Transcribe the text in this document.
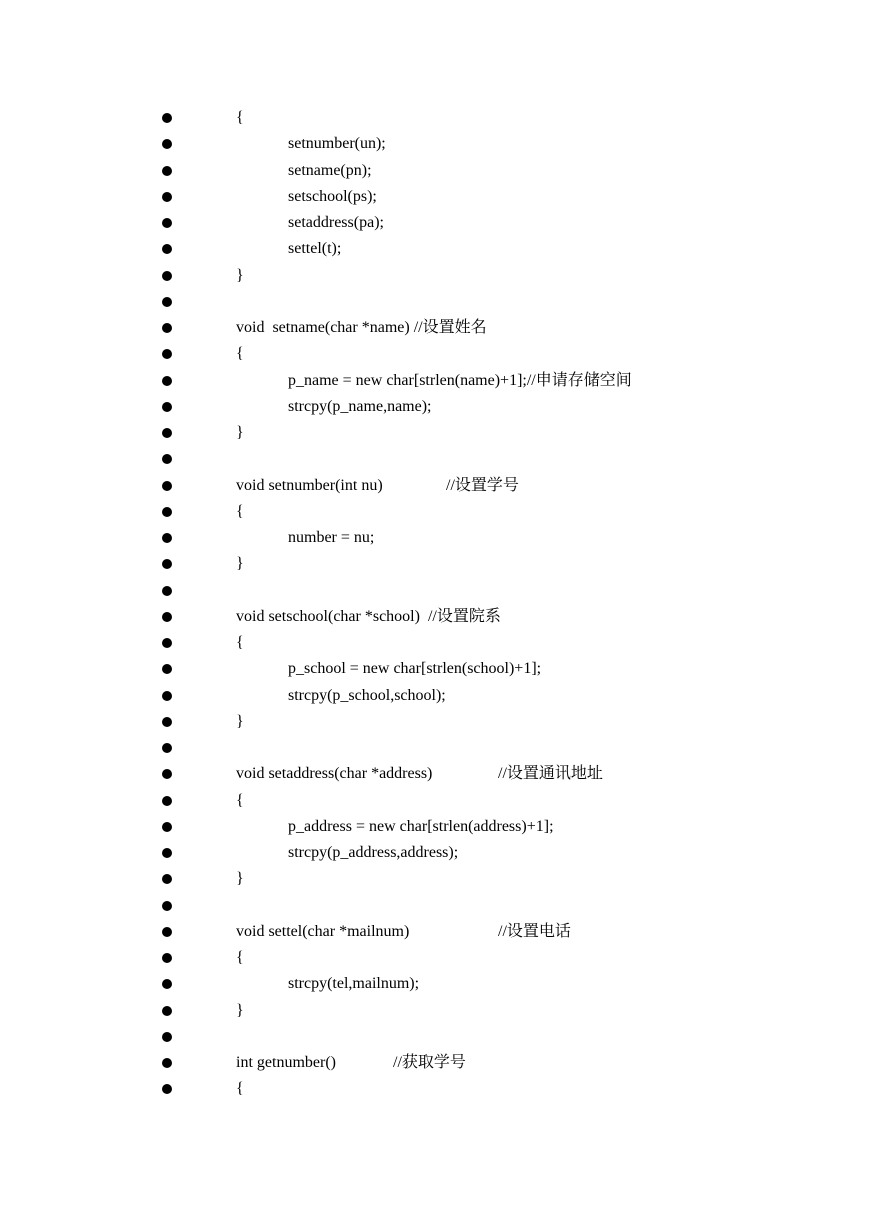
{
setnumber(un);
setname(pn);
setschool(ps);
setaddress(pa);
settel(t);
}
void  setname(char *name) //设置姓名
{
p_name = new char[strlen(name)+1];//申请存储空间
strcpy(p_name,name);
}
void setnumber(int nu)	//设置学号
{
number = nu;
}
void setschool(char *school)  //设置院系
{
p_school = new char[strlen(school)+1];
strcpy(p_school,school);
}
void setaddress(char *address)	//设置通讯地址
{
p_address = new char[strlen(address)+1];
strcpy(p_address,address);
}
void settel(char *mailnum)	//设置电话
{
strcpy(tel,mailnum);
}
int getnumber()	//获取学号
{
